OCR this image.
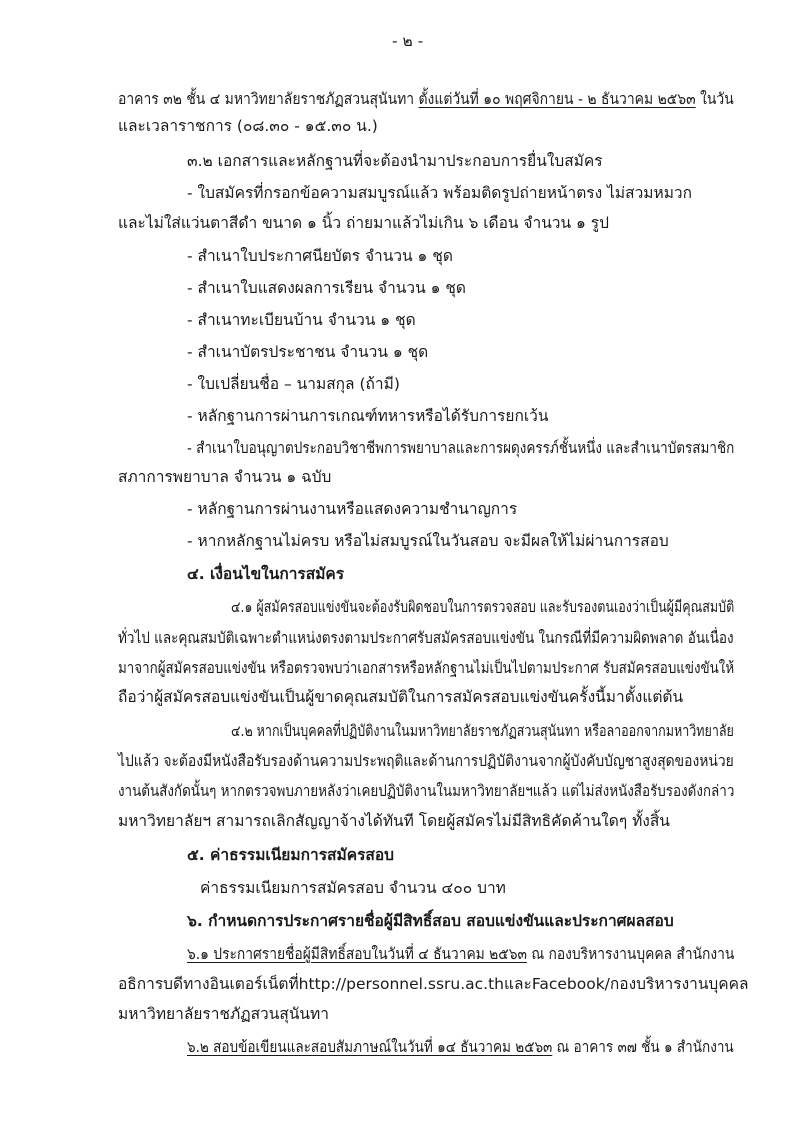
- ๒ -
อาคาร ๓๒ ชั้น ๔ มหาวิทยาลัยราชภัฏสวนสุนันทา ตั้งแต่วันที่ ๑๐ พฤศจิกายน - ๒ ธันวาคม ๒๕๖๓ ในวัน
และเวลาราชการ (๐๘.๓๐ - ๑๕.๓๐ น.)
๓.๒ เอกสารและหลักฐานที่จะต้องนำมาประกอบการยื่นใบสมัคร
- ใบสมัครที่กรอกข้อความสมบูรณ์แล้ว พร้อมติดรูปถ่ายหน้าตรง ไม่สวมหมวก
และไม่ใส่แว่นตาสีดำ ขนาด ๑ นิ้ว ถ่ายมาแล้วไม่เกิน ๖ เดือน จำนวน ๑ รูป
- สำเนาใบประกาศนียบัตร จำนวน ๑ ชุด
- สำเนาใบแสดงผลการเรียน จำนวน ๑ ชุด
- สำเนาทะเบียนบ้าน จำนวน ๑ ชุด
- สำเนาบัตรประชาชน จำนวน ๑ ชุด
- ใบเปลี่ยนชื่อ – นามสกุล (ถ้ามี)
- หลักฐานการผ่านการเกณฑ์ทหารหรือได้รับการยกเว้น
- สำเนาใบอนุญาตประกอบวิชาชีพการพยาบาลและการผดุงครรภ์ชั้นหนึ่ง และสำเนาบัตรสมาชิก
สภาการพยาบาล จำนวน ๑ ฉบับ
- หลักฐานการผ่านงานหรือแสดงความชำนาญการ
- หากหลักฐานไม่ครบ หรือไม่สมบูรณ์ในวันสอบ จะมีผลให้ไม่ผ่านการสอบ
๔. เงื่อนไขในการสมัคร
๔.๑ ผู้สมัครสอบแข่งขันจะต้องรับผิดชอบในการตรวจสอบ และรับรองตนเองว่าเป็นผู้มีคุณสมบัติ
ทั่วไป และคุณสมบัติเฉพาะตำแหน่งตรงตามประกาศรับสมัครสอบแข่งขัน ในกรณีที่มีความผิดพลาด อันเนื่อง
มาจากผู้สมัครสอบแข่งขัน หรือตรวจพบว่าเอกสารหรือหลักฐานไม่เป็นไปตามประกาศ รับสมัครสอบแข่งขันให้
ถือว่าผู้สมัครสอบแข่งขันเป็นผู้ขาดคุณสมบัติในการสมัครสอบแข่งขันครั้งนี้มาตั้งแต่ต้น
๔.๒ หากเป็นบุคคลที่ปฏิบัติงานในมหาวิทยาลัยราชภัฏสวนสุนันทา หรือลาออกจากมหาวิทยาลัย
ไปแล้ว จะต้องมีหนังสือรับรองด้านความประพฤติและด้านการปฏิบัติงานจากผู้บังคับบัญชาสูงสุดของหน่วย
งานต้นสังกัดนั้นๆ หากตรวจพบภายหลังว่าเคยปฏิบัติงานในมหาวิทยาลัยฯแล้ว แต่ไม่ส่งหนังสือรับรองดังกล่าว
มหาวิทยาลัยฯ สามารถเลิกสัญญาจ้างได้ทันที โดยผู้สมัครไม่มีสิทธิคัดค้านใดๆ ทั้งสิ้น
๕. ค่าธรรมเนียมการสมัครสอบ
ค่าธรรมเนียมการสมัครสอบ จำนวน ๔๐๐ บาท
๖. กำหนดการประกาศรายชื่อผู้มีสิทธิ์สอบ สอบแข่งขันและประกาศผลสอบ
๖.๑ ประกาศรายชื่อผู้มีสิทธิ์สอบในวันที่ ๔ ธันวาคม ๒๕๖๓ ณ กองบริหารงานบุคคล สำนักงาน
อธิการบดี ทางอินเตอร์เน็ต ที่ http://personnel.ssru.ac.th และ Facebook/กองบริหารงานบุคคล
มหาวิทยาลัยราชภัฏสวนสุนันทา
๖.๒ สอบข้อเขียนและสอบสัมภาษณ์ในวันที่ ๑๔ ธันวาคม ๒๕๖๓ ณ อาคาร ๓๗ ชั้น ๑ สำนักงาน
